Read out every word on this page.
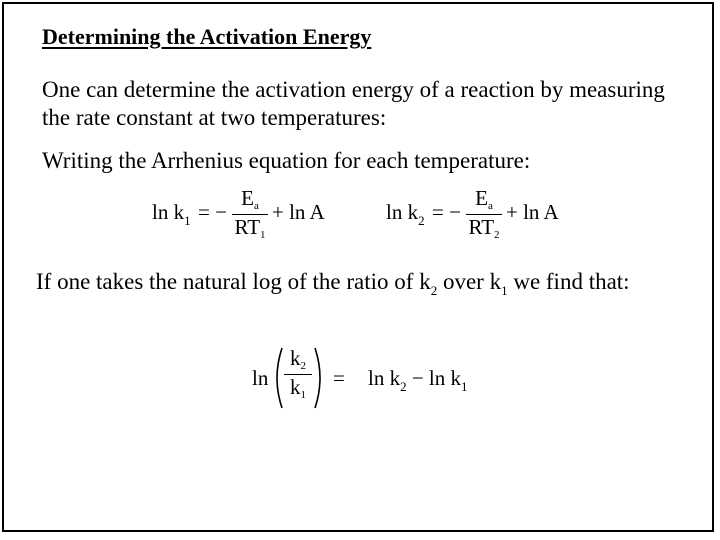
Determining the Activation Energy
One can determine the activation energy of a reaction by measuring
the rate constant at two temperatures:
Writing the Arrhenius equation for each temperature:
$\ln k_1$ = −
Ea
RT1
+ ln A	$\ln k_2$ = −
Ea
RT2
+ ln A
If one takes the natural log of the ratio of $k_2$ over $k_1$ we find that:
ln
k2
k1
= $\ln k_2 - \ln k_1$
